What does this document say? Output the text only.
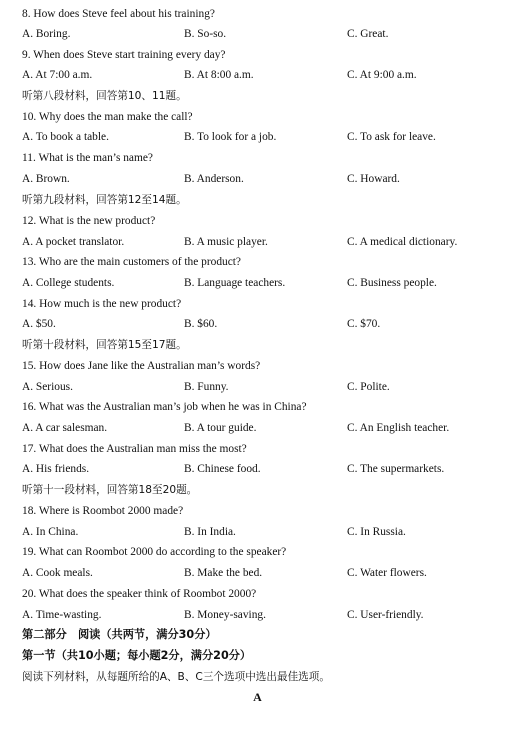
8. How does Steve feel about his training?
A. Boring.	B. So-so.	C. Great.
9. When does Steve start training every day?
A. At 7:00 a.m.	B. At 8:00 a.m.	C. At 9:00 a.m.
听第八段材料，回答第10、11题。
10. Why does the man make the call?
A. To book a table.	B. To look for a job.	C. To ask for leave.
11. What is the man’s name?
A. Brown.	B. Anderson.	C. Howard.
听第九段材料，回答第12至14题。
12. What is the new product?
A. A pocket translator.	B. A music player.	C. A medical dictionary.
13. Who are the main customers of the product?
A. College students.	B. Language teachers.	C. Business people.
14. How much is the new product?
A. $50.	B. $60.	C. $70.
听第十段材料，回答第15至17题。
15. How does Jane like the Australian man’s words?
A. Serious.	B. Funny.	C. Polite.
16. What was the Australian man’s job when he was in China?
A. A car salesman.	B. A tour guide.	C. An English teacher.
17. What does the Australian man miss the most?
A. His friends.	B. Chinese food.	C. The supermarkets.
听第十一段材料，回答第18至20题。
18. Where is Roombot 2000 made?
A. In China.	B. In India.	C. In Russia.
19. What can Roombot 2000 do according to the speaker?
A. Cook meals.	B. Make the bed.	C. Water flowers.
20. What does the speaker think of Roombot 2000?
A. Time-wasting.	B. Money-saving.	C. User-friendly.
第二部分　阅读（共两节，满分30分）
第一节（共10小题；每小题2分，满分20分）
阅读下列材料，从每题所给的A、B、C三个选项中选出最佳选项。
A
